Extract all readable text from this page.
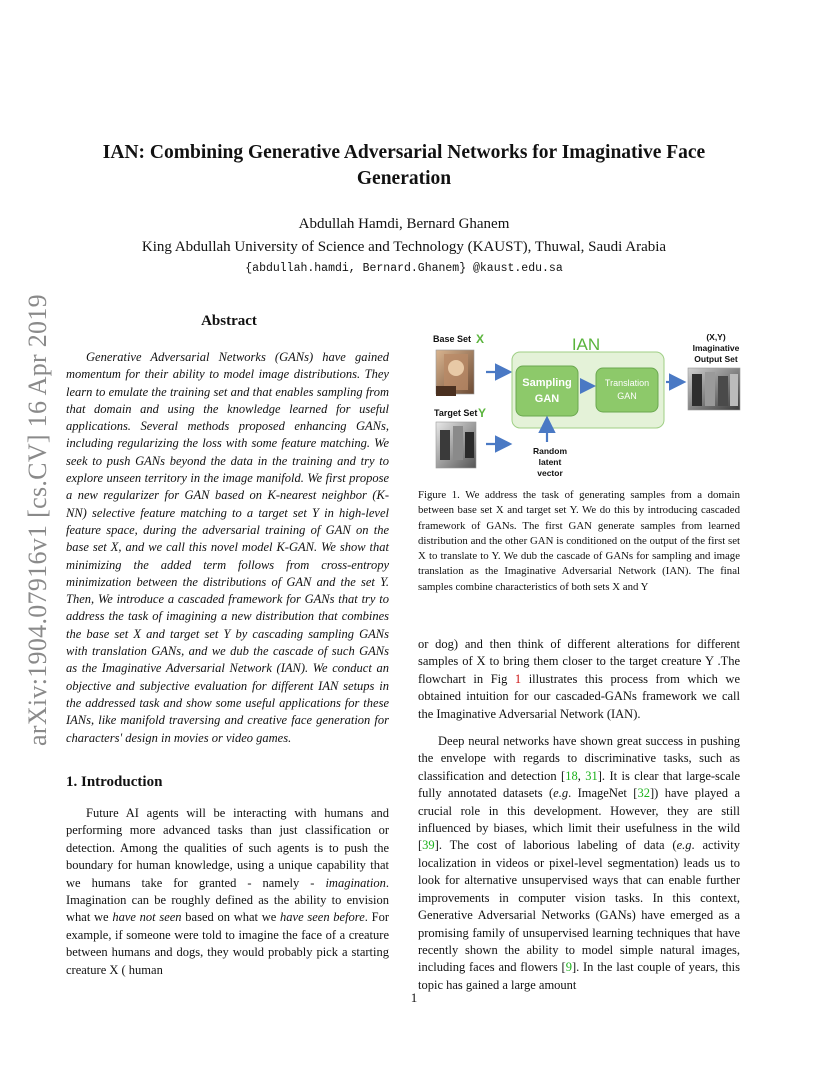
arXiv:1904.07916v1 [cs.CV] 16 Apr 2019
IAN: Combining Generative Adversarial Networks for Imaginative Face Generation
Abdullah Hamdi, Bernard Ghanem
King Abdullah University of Science and Technology (KAUST), Thuwal, Saudi Arabia
{abdullah.hamdi, Bernard.Ghanem} @kaust.edu.sa
Abstract

Generative Adversarial Networks (GANs) have gained momentum for their ability to model image distributions. They learn to emulate the training set and that enables sampling from that domain and using the knowledge learned for useful applications. Several methods proposed enhancing GANs, including regularizing the loss with some feature matching. We seek to push GANs beyond the data in the training and try to explore unseen territory in the image manifold. We first propose a new regularizer for GAN based on K-nearest neighbor (K-NN) selective feature matching to a target set Y in high-level feature space, during the adversarial training of GAN on the base set X, and we call this novel model K-GAN. We show that minimizing the added term follows from cross-entropy minimization between the distributions of GAN and the set Y. Then, We introduce a cascaded framework for GANs that try to address the task of imagining a new distribution that combines the base set X and target set Y by cascading sampling GANs with translation GANs, and we dub the cascade of such GANs as the Imaginative Adversarial Network (IAN). We conduct an objective and subjective evaluation for different IAN setups in the addressed task and show some useful applications for these IANs, like manifold traversing and creative face generation for characters' design in movies or video games.

1. Introduction

Future AI agents will be interacting with humans and performing more advanced tasks than just classification or detection. Among the qualities of such agents is to push the boundary for human knowledge, using a unique capability that we humans take for granted - namely - imagination. Imagination can be roughly defined as the ability to envision what we have not seen based on what we have seen before. For example, if someone were told to imagine the face of a creature between humans and dogs, they would probably pick a starting creature X ( human

Base Set X
Target Set Y
IAN
Sampling
GAN
Translation
GAN
(X,Y)
Imaginative
Output Set
Random
latent
vector

Figure 1. We address the task of generating samples from a domain between base set X and target set Y. We do this by introducing cascaded framework of GANs. The first GAN generate samples from learned distribution and the other GAN is conditioned on the output of the first set X to translate to Y. We dub the cascade of GANs for sampling and image translation as the Imaginative Adversarial Network (IAN). The final samples combine characteristics of both sets X and Y

or dog) and then think of different alterations for different samples of X to bring them closer to the target creature Y .The flowchart in Fig 1 illustrates this process from which we obtained intuition for our cascaded-GANs framework we call the Imaginative Adversarial Network (IAN).

Deep neural networks have shown great success in pushing the envelope with regards to discriminative tasks, such as classification and detection [18, 31]. It is clear that large-scale fully annotated datasets (e.g. ImageNet [32]) have played a crucial role in this development. However, they are still influenced by biases, which limit their usefulness in the wild [39]. The cost of laborious labeling of data (e.g. activity localization in videos or pixel-level segmentation) leads us to look for alternative unsupervised ways that can enable further improvements in computer vision tasks. In this context, Generative Adversarial Networks (GANs) have emerged as a promising family of unsupervised learning techniques that have recently shown the ability to model simple natural images, including faces and flowers [9]. In the last couple of years, this topic has gained a large amount

1
